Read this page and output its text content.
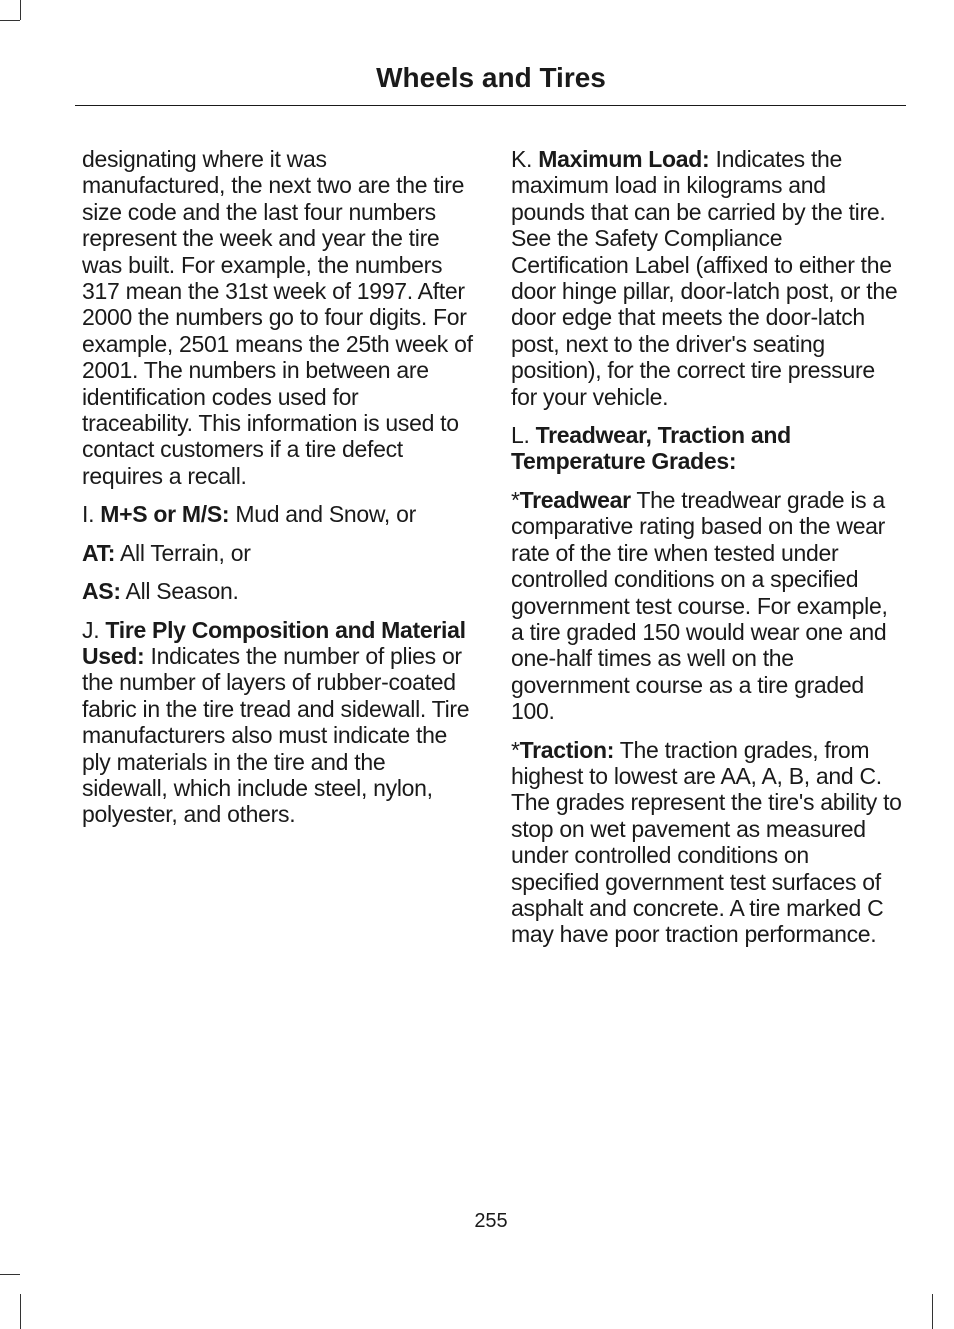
Wheels and Tires

designating where it was manufactured, the next two are the tire size code and the last four numbers represent the week and year the tire was built. For example, the numbers 317 mean the 31st week of 1997. After 2000 the numbers go to four digits. For example, 2501 means the 25th week of 2001. The numbers in between are identification codes used for traceability. This information is used to contact customers if a tire defect requires a recall.

I. M+S or M/S: Mud and Snow, or

AT: All Terrain, or

AS: All Season.

J. Tire Ply Composition and Material Used: Indicates the number of plies or the number of layers of rubber-coated fabric in the tire tread and sidewall. Tire manufacturers also must indicate the ply materials in the tire and the sidewall, which include steel, nylon, polyester, and others.

K. Maximum Load: Indicates the maximum load in kilograms and pounds that can be carried by the tire. See the Safety Compliance Certification Label (affixed to either the door hinge pillar, door-latch post, or the door edge that meets the door-latch post, next to the driver's seating position), for the correct tire pressure for your vehicle.

L. Treadwear, Traction and Temperature Grades:

*Treadwear The treadwear grade is a comparative rating based on the wear rate of the tire when tested under controlled conditions on a specified government test course. For example, a tire graded 150 would wear one and one-half times as well on the government course as a tire graded 100.

*Traction: The traction grades, from highest to lowest are AA, A, B, and C. The grades represent the tire's ability to stop on wet pavement as measured under controlled conditions on specified government test surfaces of asphalt and concrete. A tire marked C may have poor traction performance.

255
